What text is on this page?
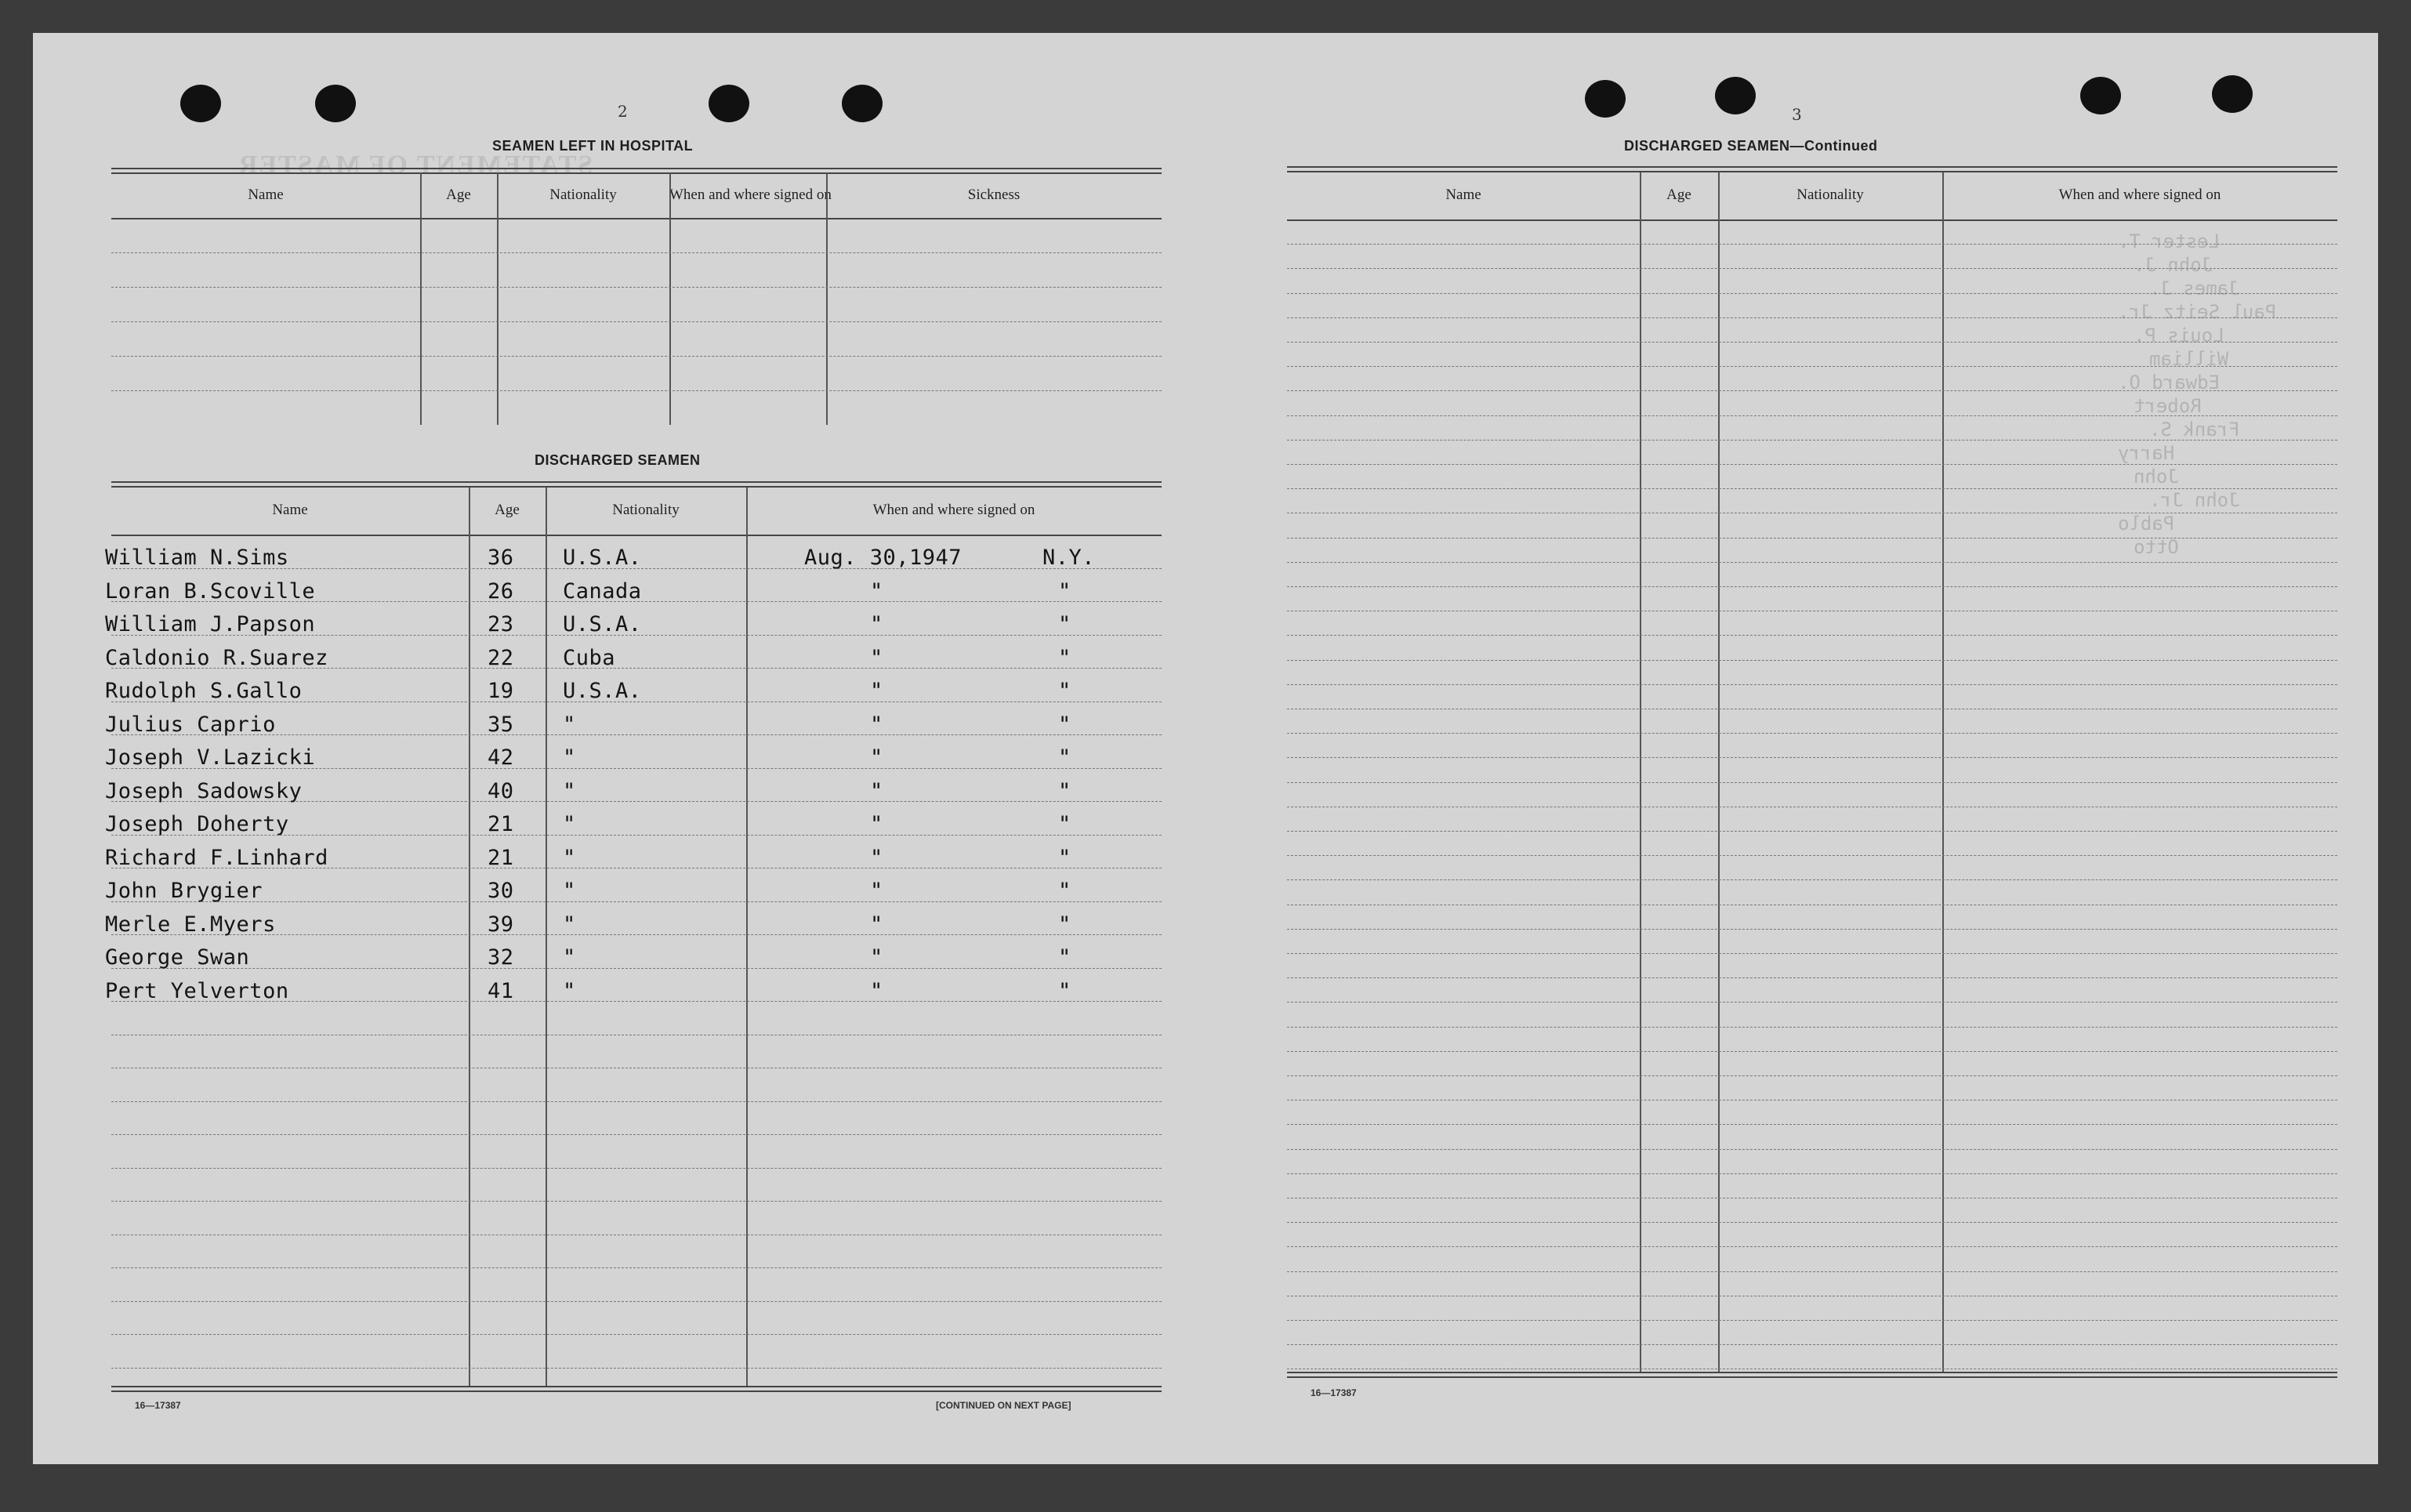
STATEMENT OF MASTER
Lester T.
John J.
James J.
Paul Seitz Jr.
Louis P.
William
Edward O.
Robert
Frank S.
Harry
John
John Jr.
Pablo
Otto
2
SEAMEN LEFT IN HOSPITAL
Name	Age	Nationality	When and where signed on	Sickness
DISCHARGED SEAMEN
Name	Age	Nationality	When and where signed on
William N.Sims	36 U.S.A.	Aug. 30,1947	N.Y.
Loran B.Scoville	26 Canada	"	"
William J.Papson	23 U.S.A.	"	"
Caldonio R.Suarez	22 Cuba	"	"
Rudolph S.Gallo	19 U.S.A.	"	"
Julius Caprio	35 "	"	"
Joseph V.Lazicki	42 "	"	"
Joseph Sadowsky	40 "	"	"
Joseph Doherty	21 "	"	"
Richard F.Linhard	21 "	"	"
John Brygier	30 "	"	"
Merle E.Myers	39 "	"	"
George Swan	32 "	"	"
Pert Yelverton	41 "	"	"
16—17387	[CONTINUED ON NEXT PAGE]
3
DISCHARGED SEAMEN—Continued
Name	Age	Nationality	When and where signed on
16—17387
